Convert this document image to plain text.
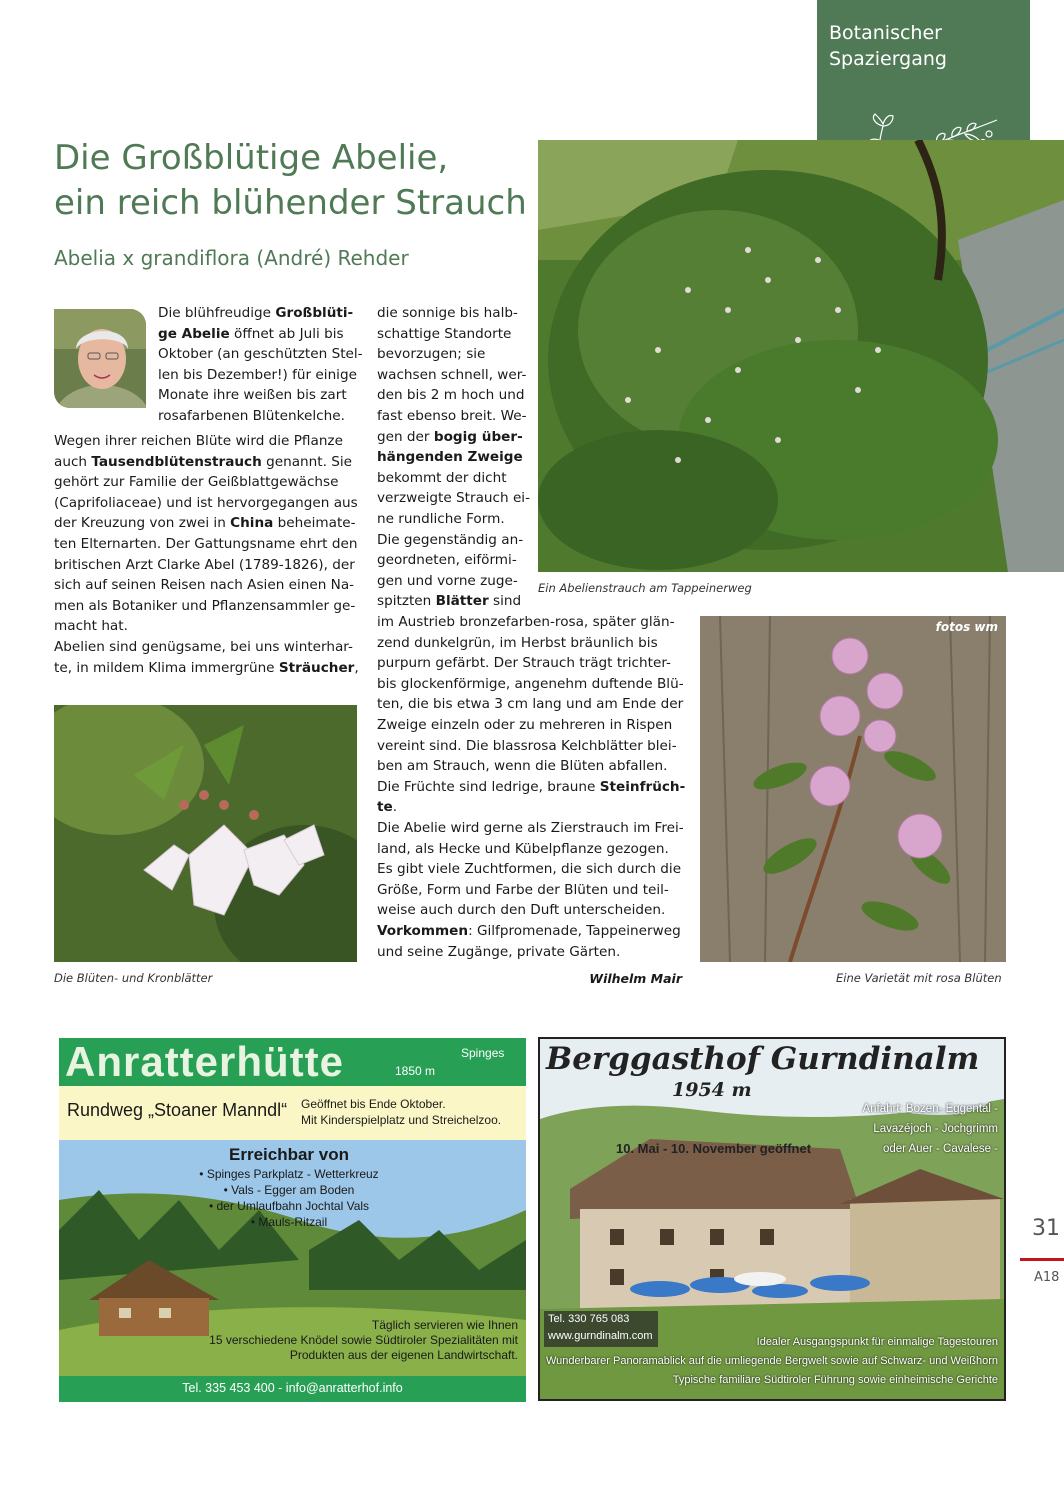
Botanischer
Spaziergang
Die Großblütige Abelie,
ein reich blühender Strauch
Abelia x grandiflora (André) Rehder
Die blühfreudige Großblüti-
ge Abelie öffnet ab Juli bis
Oktober (an geschützten Stel-
len bis Dezember!) für einige
Monate ihre weißen bis zart
rosafarbenen Blütenkelche.
Wegen ihrer reichen Blüte wird die Pflanze
auch Tausendblütenstrauch genannt. Sie
gehört zur Familie der Geißblattgewächse
(Caprifoliaceae) und ist hervorgegangen aus
der Kreuzung von zwei in China beheimate-
ten Elternarten. Der Gattungsname ehrt den
britischen Arzt Clarke Abel (1789-1826), der
sich auf seinen Reisen nach Asien einen Na-
men als Botaniker und Pflanzensammler ge-
macht hat.
Abelien sind genügsame, bei uns winterhar-
te, in mildem Klima immergrüne Sträucher,
die sonnige bis halb-
schattige Standorte
bevorzugen; sie
wachsen schnell, wer-
den bis 2 m hoch und
fast ebenso breit. We-
gen der bogig über-
hängenden Zweige
bekommt der dicht
verzweigte Strauch ei-
ne rundliche Form.
Die gegenständig an-
geordneten, eiförmi-
gen und vorne zuge-
spitzten Blätter sind
im Austrieb bronzefarben-rosa, später glän-
zend dunkelgrün, im Herbst bräunlich bis
purpurn gefärbt. Der Strauch trägt trichter-
bis glockenförmige, angenehm duftende Blü-
ten, die bis etwa 3 cm lang und am Ende der
Zweige einzeln oder zu mehreren in Rispen
vereint sind. Die blassrosa Kelchblätter blei-
ben am Strauch, wenn die Blüten abfallen.
Die Früchte sind ledrige, braune Steinfrüch-
te.
Die Abelie wird gerne als Zierstrauch im Frei-
land, als Hecke und Kübelpflanze gezogen.
Es gibt viele Zuchtformen, die sich durch die
Größe, Form und Farbe der Blüten und teil-
weise auch durch den Duft unterscheiden.
Vorkommen: Gilfpromenade, Tappeinerweg
und seine Zugänge, private Gärten.
Wilhelm Mair
Ein Abelienstrauch am Tappeinerweg
Die Blüten- und Kronblätter
fotos wm
Eine Varietät mit rosa Blüten
31
A18
Anratterhütte	1850 m
Spinges
Rundweg „Stoaner Manndl“ Geöffnet bis Ende Oktober.
Mit Kinderspielplatz und Streichelzoo.
Erreichbar von
• Spinges Parkplatz - Wetterkreuz
• Vals - Egger am Boden
• der Umlaufbahn Jochtal Vals
• Mauls-Ritzail
Täglich servieren wie Ihnen
15 verschiedene Knödel sowie Südtiroler Spezialitäten mit
Produkten aus der eigenen Landwirtschaft.
Tel. 335 453 400 - info@anratterhof.info
Berggasthof Gurndinalm
1954 m
Anfahrt: Bozen- Eggental -
Lavazéjoch - Jochgrimm
oder Auer - Cavalese -
10. Mai - 10. November geöffnet
Tel. 330 765 083
www.gurndinalm.com	Idealer Ausgangspunkt für einmalige Tagestouren
Wunderbarer Panoramablick auf die umliegende Bergwelt sowie auf Schwarz- und Weißhorn
Typische familiäre Südtiroler Führung sowie einheimische Gerichte
